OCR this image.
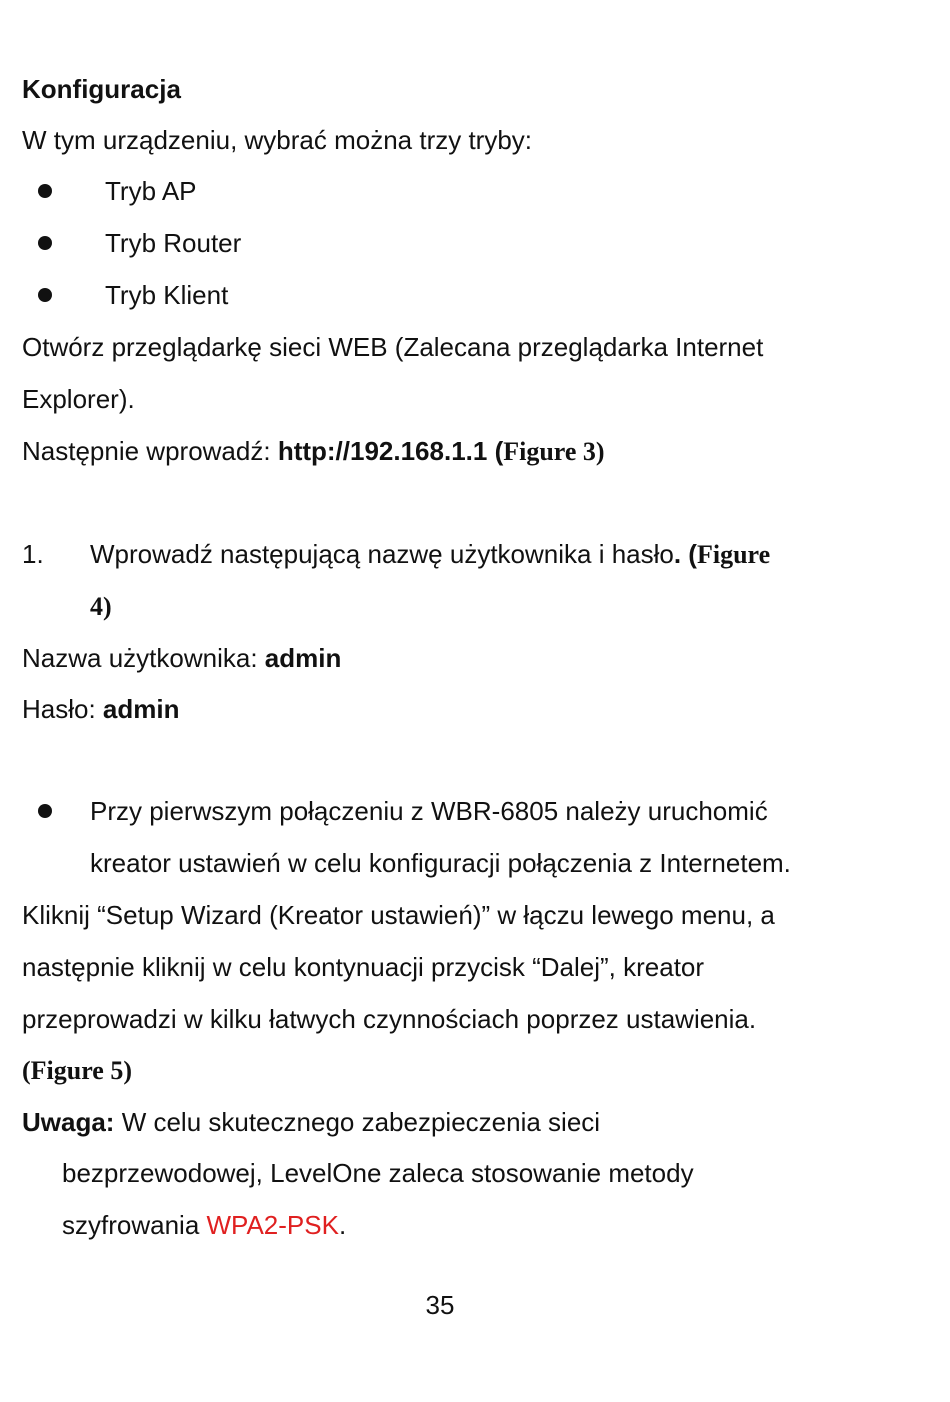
Konfiguracja
W tym urządzeniu, wybrać można trzy tryby:
Tryb AP
Tryb Router
Tryb Klient
Otwórz przeglądarkę sieci WEB (Zalecana przeglądarka Internet
Explorer).
Następnie wprowadź: http://192.168.1.1 (Figure 3)
1. Wprowadź następującą nazwę użytkownika i hasło. (Figure
4)
Nazwa użytkownika: admin
Hasło: admin
Przy pierwszym połączeniu z WBR-6805 należy uruchomić
kreator ustawień w celu konfiguracji połączenia z Internetem.
Kliknij “Setup Wizard (Kreator ustawień)” w łączu lewego menu, a
następnie kliknij w celu kontynuacji przycisk “Dalej”, kreator
przeprowadzi w kilku łatwych czynnościach poprzez ustawienia.
(Figure 5)
Uwaga: W celu skutecznego zabezpieczenia sieci
bezprzewodowej, LevelOne zaleca stosowanie metody
szyfrowania WPA2-PSK.
35
